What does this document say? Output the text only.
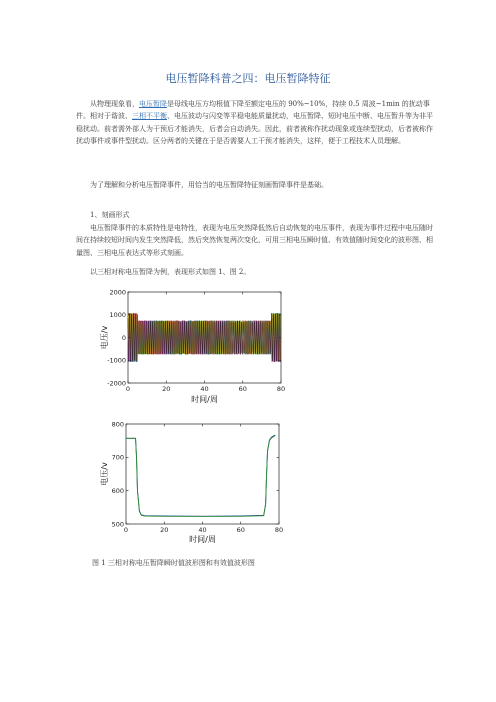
电压暂降科普之四：电压暂降特征

从物理现象看，电压暂降是母线电压方均根值下降至额定电压的 90%~10%，持续 0.5 周波~1min 的扰动事件。相对于谐波、三相不平衡、电压波动与闪变等平稳电能质量扰动，电压暂降、短时电压中断、电压暂升等为非平稳扰动。前者需外部人为干预后才能消失，后者会自动消失。因此，前者被称作扰动现象或连续型扰动，后者被称作扰动事件或事件型扰动。区分两者的关键在于是否需要人工干预才能消失，这样，便于工程技术人员理解。

为了理解和分析电压暂降事件，用恰当的电压暂降特征刻画暂降事件是基础。

1、刻画形式

电压暂降事件的本质特性是电特性，表现为电压突然降低然后自动恢复的电压事件，表现为事件过程中电压随时间在持续较短时间内发生突然降低，然后突然恢复两次变化，可用三相电压瞬时值、有效值随时间变化的波形图、相量图、三相电压表达式等形式刻画。

以三相对称电压暂降为例，表现形式如图 1、图 2。

0	20	40	60	80
2000
1000
0
-1000
-2000
时间/周
电压/v
0	20	40	60	80
800
700
600
500
时间/周
电压/v
图 1 三相对称电压暂降瞬时值波形图和有效值波形图
